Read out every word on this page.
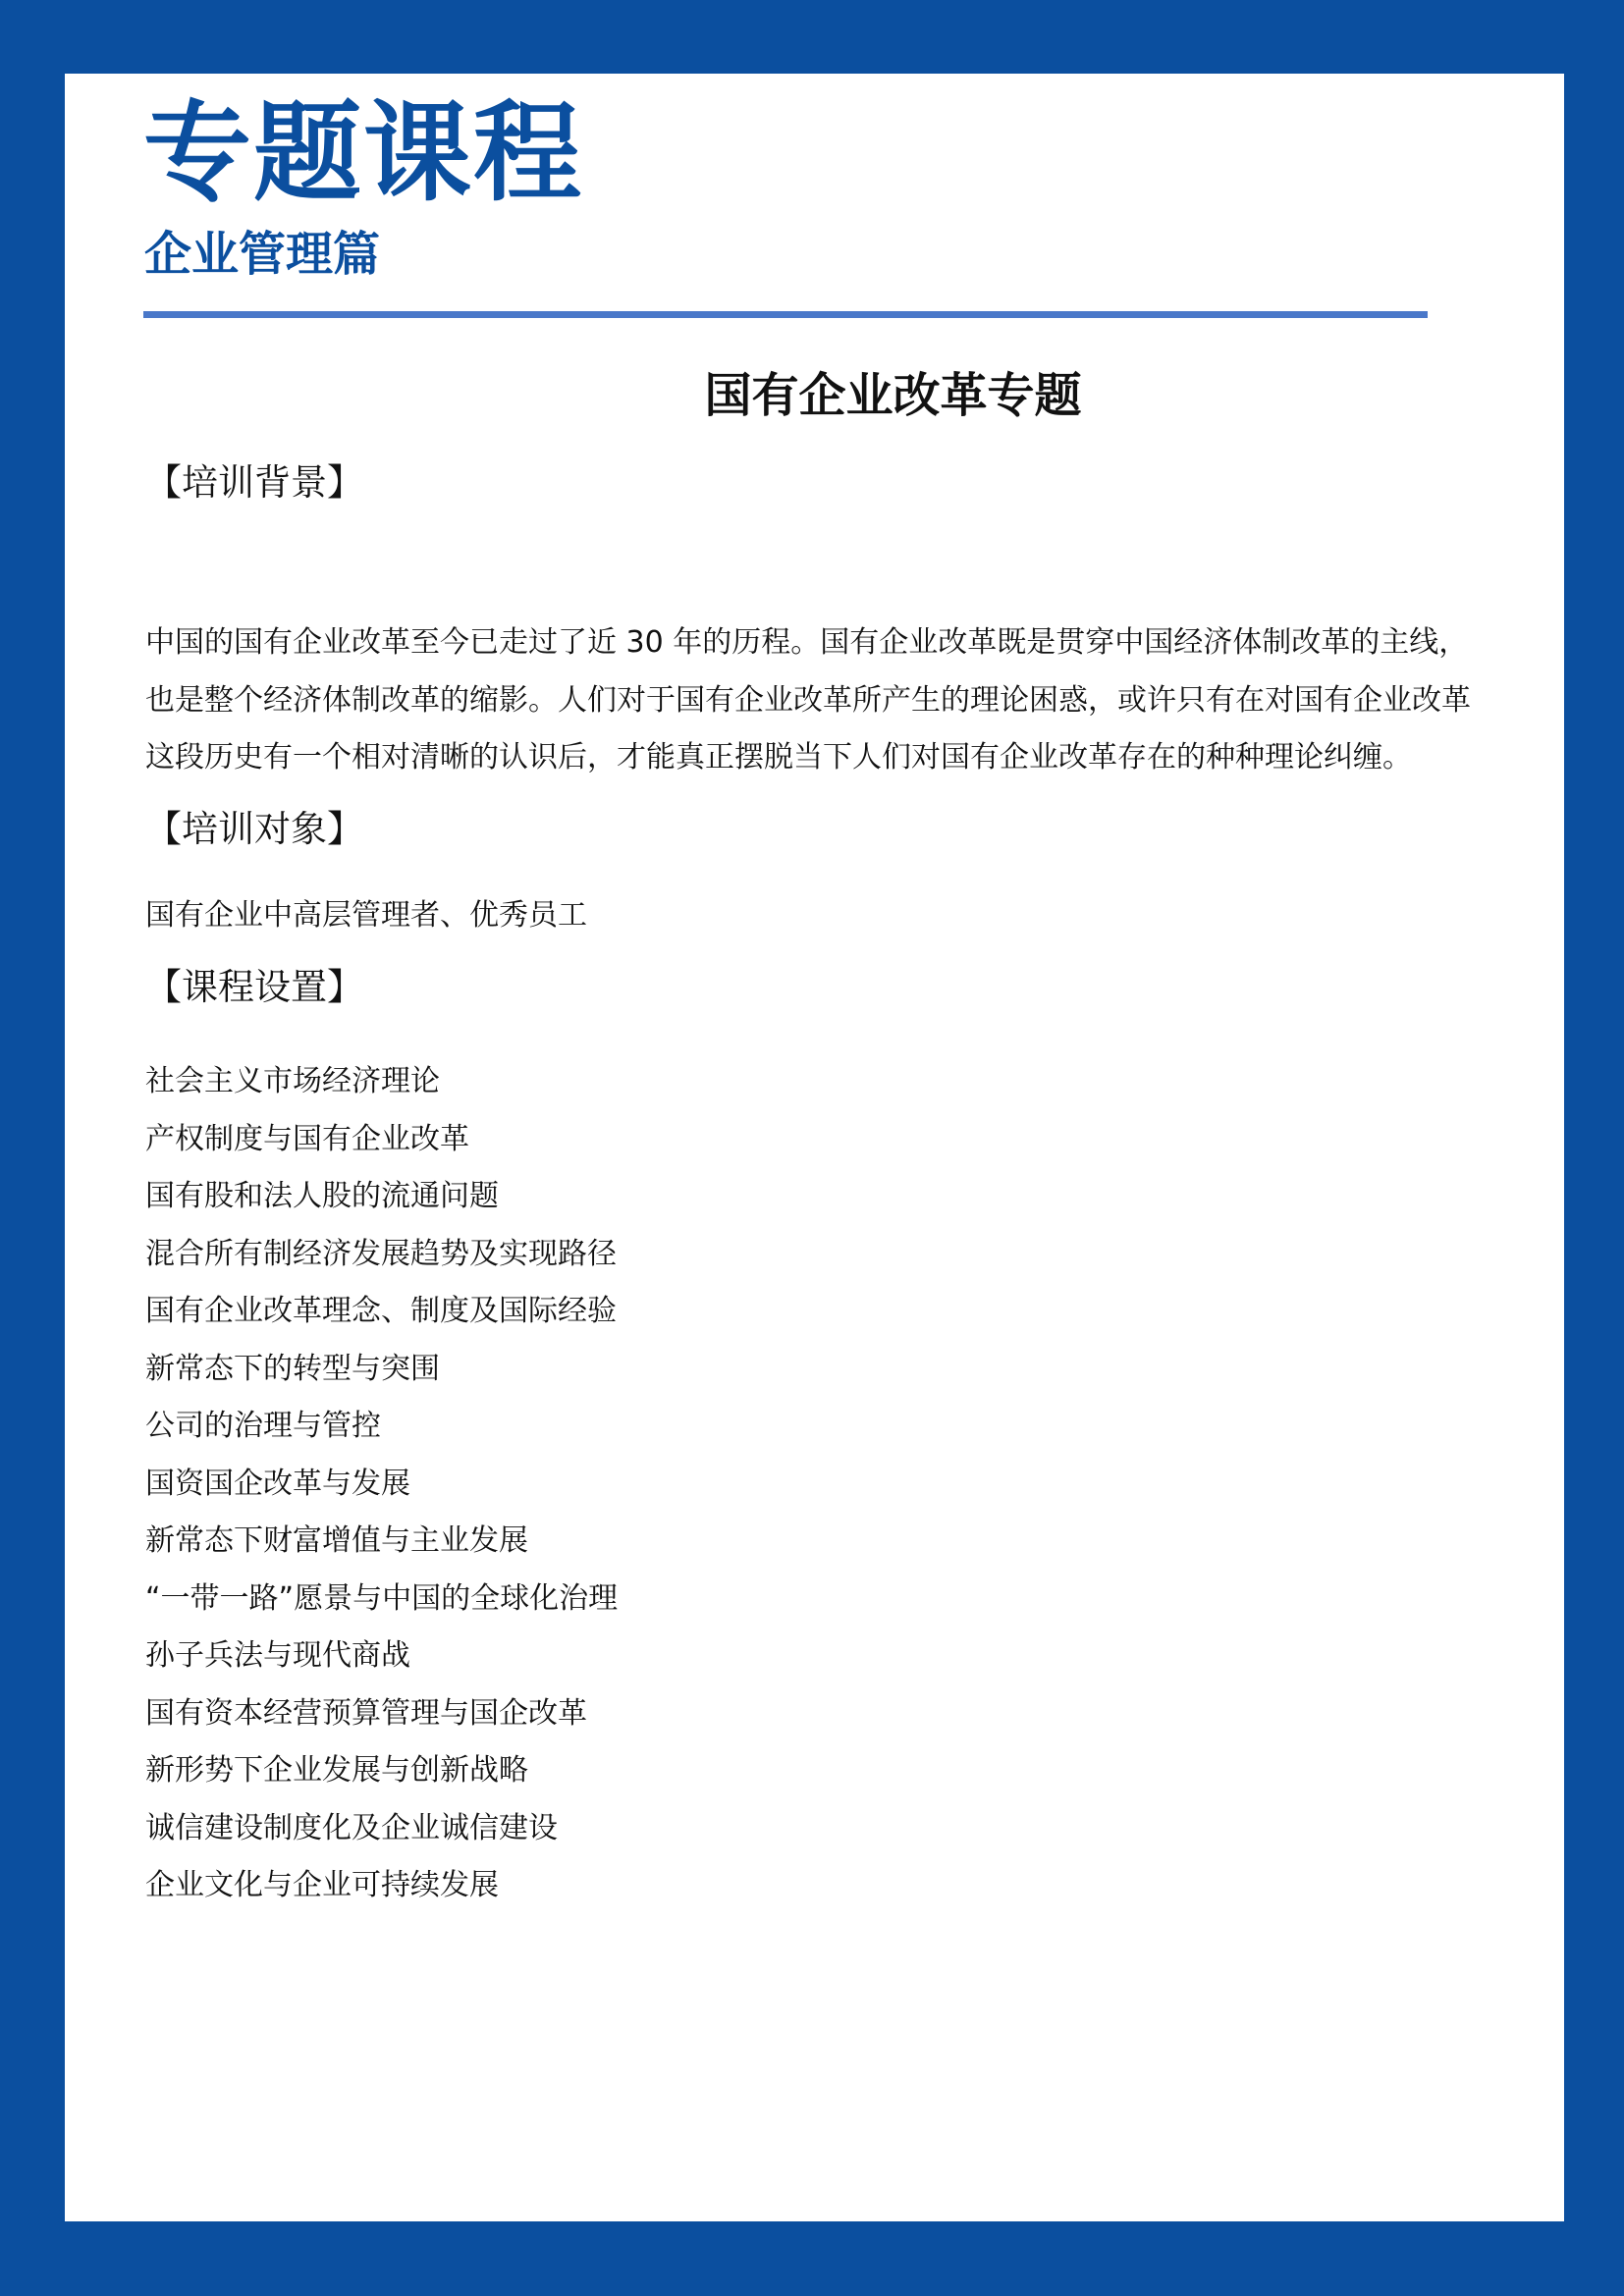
专题课程
企业管理篇
国有企业改革专题
【培训背景】

中国的国有企业改革至今已走过了近 30 年的历程。国有企业改革既是贯穿中国经济体制改革的主线，
也是整个经济体制改革的缩影。人们对于国有企业改革所产生的理论困惑，或许只有在对国有企业改革
这段历史有一个相对清晰的认识后，才能真正摆脱当下人们对国有企业改革存在的种种理论纠缠。

【培训对象】

国有企业中高层管理者、优秀员工

【课程设置】
社会主义市场经济理论
产权制度与国有企业改革
国有股和法人股的流通问题
混合所有制经济发展趋势及实现路径
国有企业改革理念、制度及国际经验
新常态下的转型与突围
公司的治理与管控
国资国企改革与发展
新常态下财富增值与主业发展
“一带一路”愿景与中国的全球化治理
孙子兵法与现代商战
国有资本经营预算管理与国企改革
新形势下企业发展与创新战略
诚信建设制度化及企业诚信建设
企业文化与企业可持续发展
